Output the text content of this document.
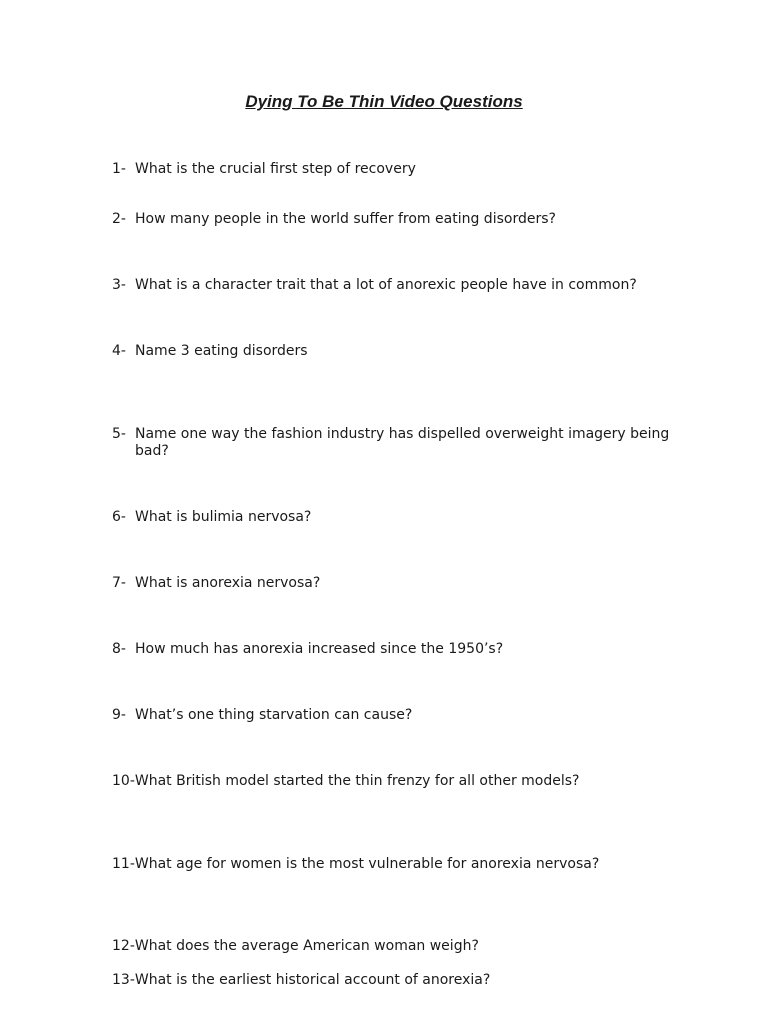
Dying To Be Thin Video Questions
1- What is the crucial first step of recovery
2- How many people in the world suffer from eating disorders?
3- What is a character trait that a lot of anorexic people have in common?
4- Name 3 eating disorders
5- Name one way the fashion industry has dispelled overweight imagery being bad?
6- What is bulimia nervosa?
7- What is anorexia nervosa?
8- How much has anorexia increased since the 1950’s?
9- What’s one thing starvation can cause?
10- What British model started the thin frenzy for all other models?
11- What age for women is the most vulnerable for anorexia nervosa?
12- What does the average American woman weigh?
13- What is the earliest historical account of anorexia?
